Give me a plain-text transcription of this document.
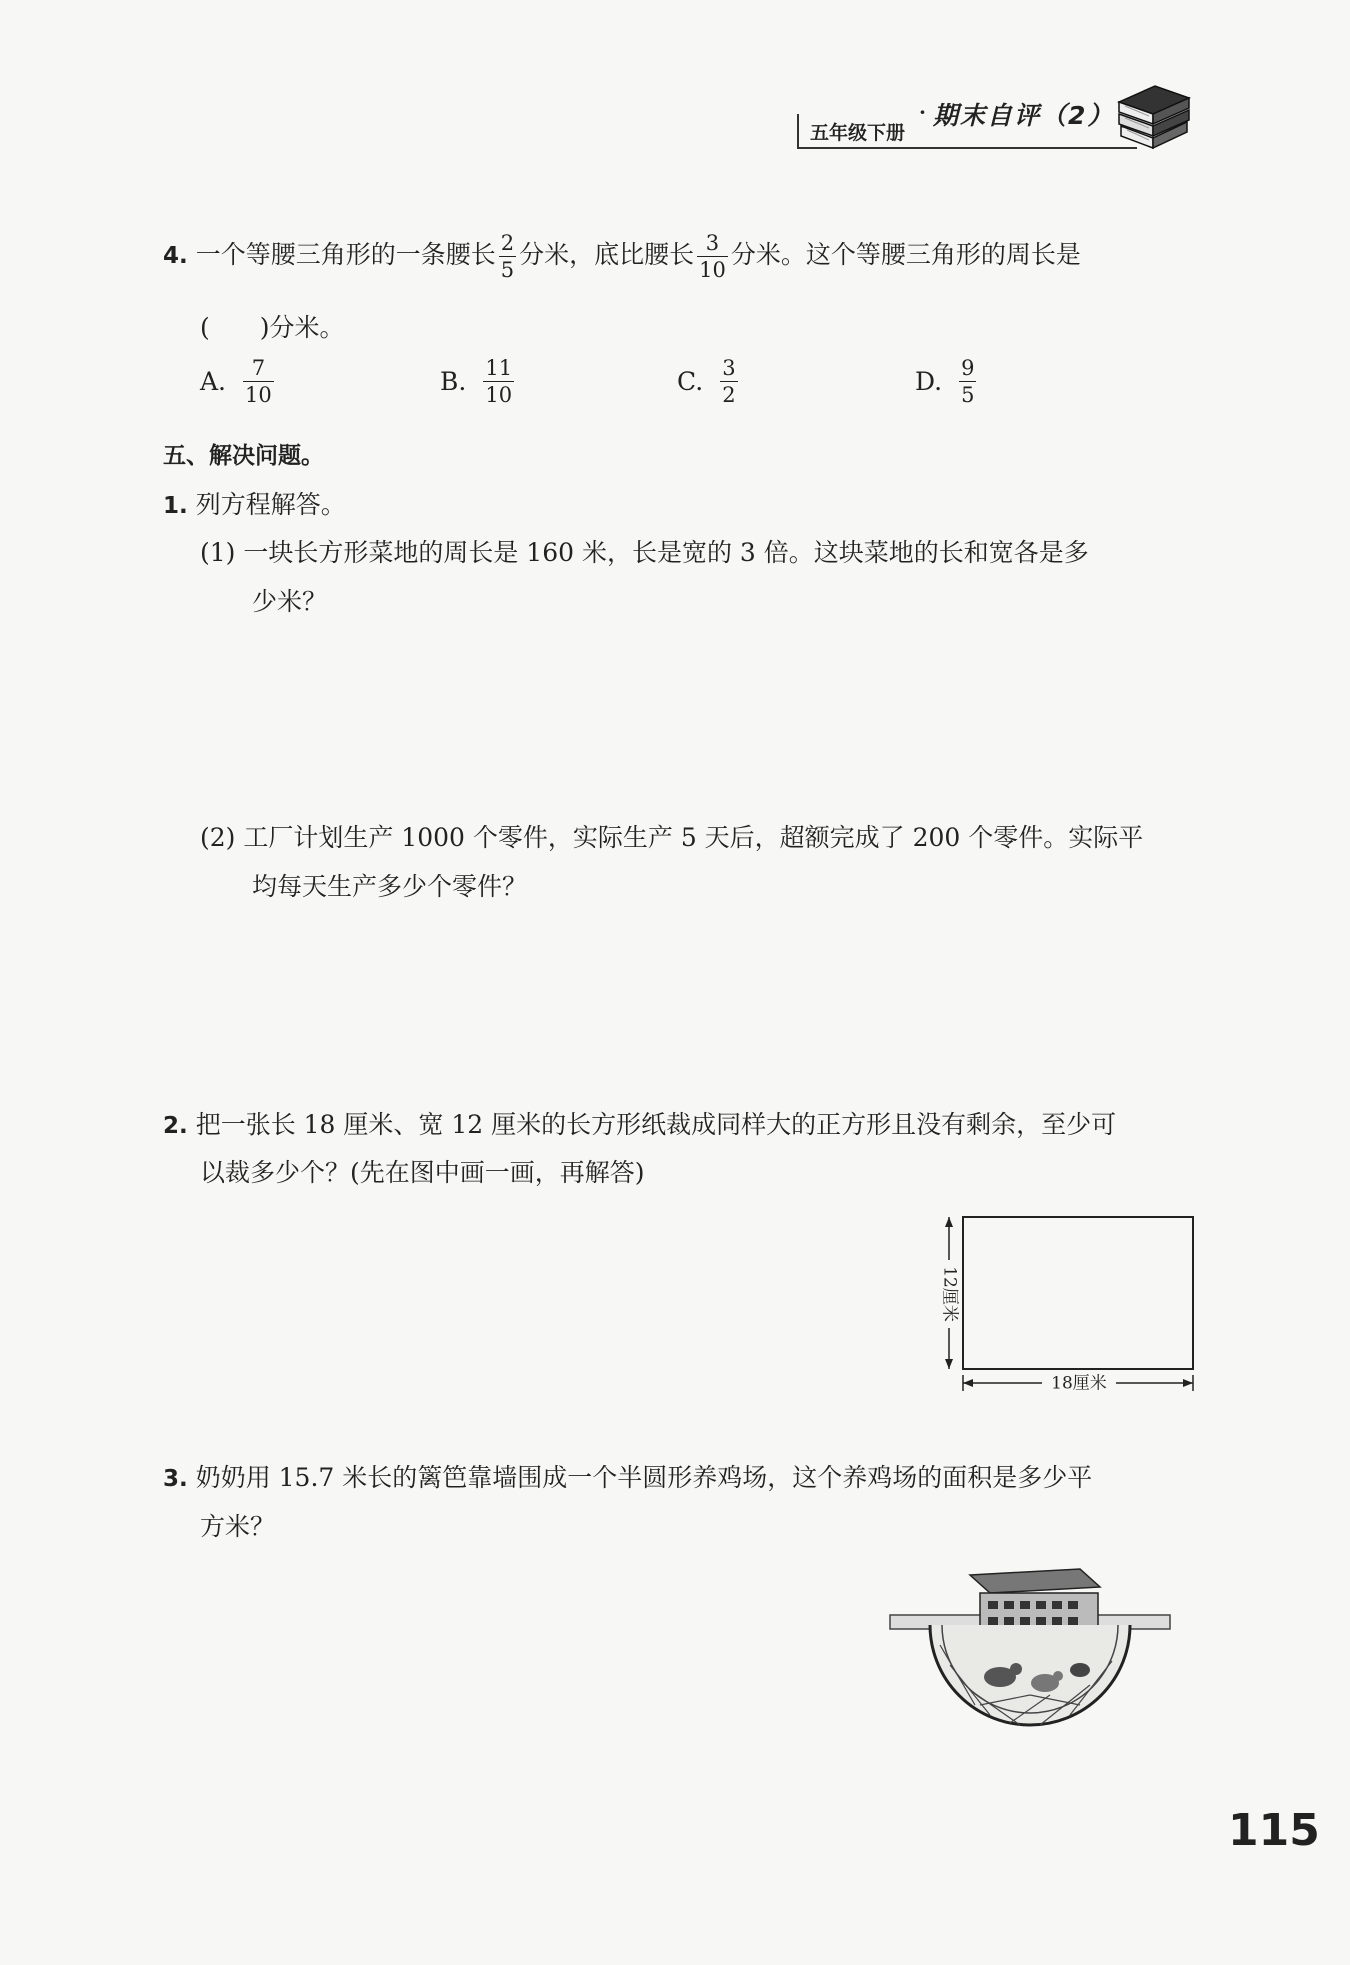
五年级下册
· 期末自评（2）
4. 一个等腰三角形的一条腰长 $\frac{2}{5}$ 分米，底比腰长 $\frac{3}{10}$ 分米。这个等腰三角形的周长是
(　　)分米。
A. $\frac{7}{10}$	B. $\frac{11}{10}$	C. $\frac{3}{2}$	D. $\frac{9}{5}$
五、解决问题。
1. 列方程解答。
(1) 一块长方形菜地的周长是 160 米，长是宽的 3 倍。这块菜地的长和宽各是多
少米？
(2) 工厂计划生产 1000 个零件，实际生产 5 天后，超额完成了 200 个零件。实际平
均每天生产多少个零件？
2. 把一张长 18 厘米、宽 12 厘米的长方形纸裁成同样大的正方形且没有剩余，至少可
以裁多少个？(先在图中画一画，再解答)
12厘米
18厘米
3. 奶奶用 15.7 米长的篱笆靠墙围成一个半圆形养鸡场，这个养鸡场的面积是多少平
方米？
115
